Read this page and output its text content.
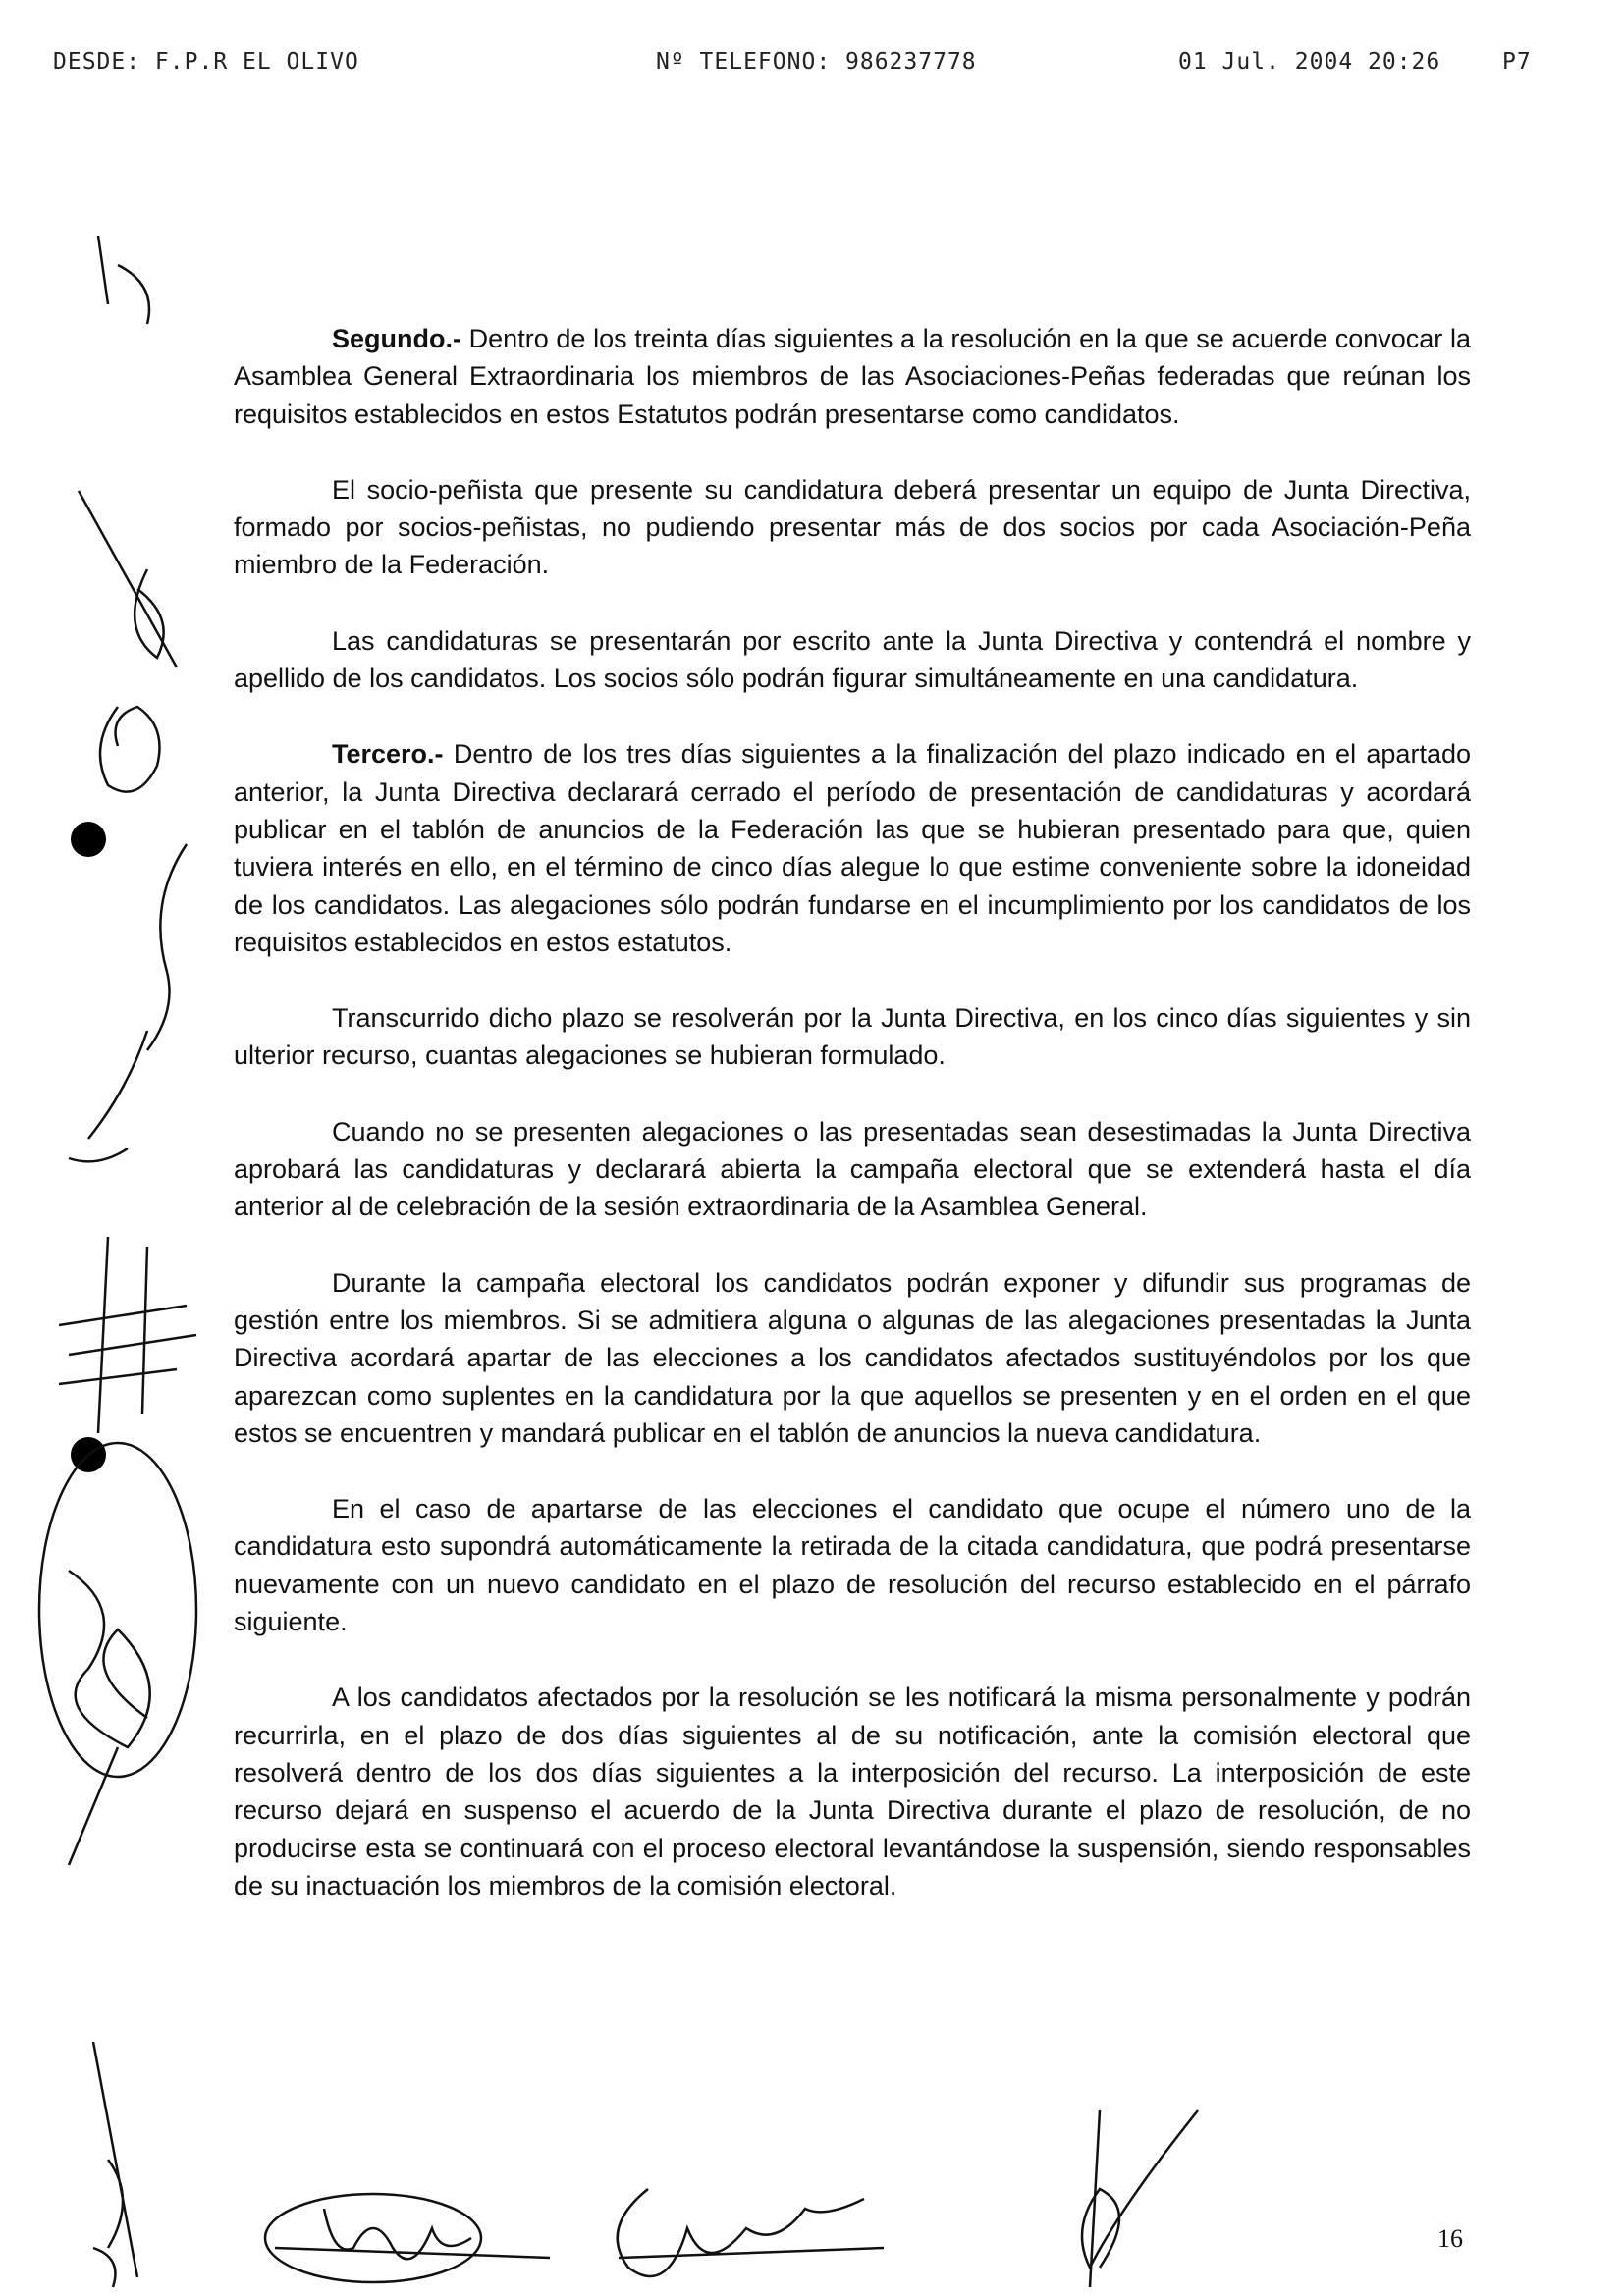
DESDE: F.P.R EL OLIVO	Nº TELEFONO: 986237778	01 Jul. 2004 20:26	P7

Segundo.- Dentro de los treinta días siguientes a la resolución en la que se acuerde convocar la Asamblea General Extraordinaria los miembros de las Asociaciones-Peñas federadas que reúnan los requisitos establecidos en estos Estatutos podrán presentarse como candidatos.

El socio-peñista que presente su candidatura deberá presentar un equipo de Junta Directiva, formado por socios-peñistas, no pudiendo presentar más de dos socios por cada Asociación-Peña miembro de la Federación.

Las candidaturas se presentarán por escrito ante la Junta Directiva y contendrá el nombre y apellido de los candidatos. Los socios sólo podrán figurar simultáneamente en una candidatura.

Tercero.- Dentro de los tres días siguientes a la finalización del plazo indicado en el apartado anterior, la Junta Directiva declarará cerrado el período de presentación de candidaturas y acordará publicar en el tablón de anuncios de la Federación las que se hubieran presentado para que, quien tuviera interés en ello, en el término de cinco días alegue lo que estime conveniente sobre la idoneidad de los candidatos. Las alegaciones sólo podrán fundarse en el incumplimiento por los candidatos de los requisitos establecidos en estos estatutos.

Transcurrido dicho plazo se resolverán por la Junta Directiva, en los cinco días siguientes y sin ulterior recurso, cuantas alegaciones se hubieran formulado.

Cuando no se presenten alegaciones o las presentadas sean desestimadas la Junta Directiva aprobará las candidaturas y declarará abierta la campaña electoral que se extenderá hasta el día anterior al de celebración de la sesión extraordinaria de la Asamblea General.

Durante la campaña electoral los candidatos podrán exponer y difundir sus programas de gestión entre los miembros. Si se admitiera alguna o algunas de las alegaciones presentadas la Junta Directiva acordará apartar de las elecciones a los candidatos afectados sustituyéndolos por los que aparezcan como suplentes en la candidatura por la que aquellos se presenten y en el orden en el que estos se encuentren y mandará publicar en el tablón de anuncios la nueva candidatura.

En el caso de apartarse de las elecciones el candidato que ocupe el número uno de la candidatura esto supondrá automáticamente la retirada de la citada candidatura, que podrá presentarse nuevamente con un nuevo candidato en el plazo de resolución del recurso establecido en el párrafo siguiente.

A los candidatos afectados por la resolución se les notificará la misma personalmente y podrán recurrirla, en el plazo de dos días siguientes al de su notificación, ante la comisión electoral que resolverá dentro de los dos días siguientes a la interposición del recurso. La interposición de este recurso dejará en suspenso el acuerdo de la Junta Directiva durante el plazo de resolución, de no producirse esta se continuará con el proceso electoral levantándose la suspensión, siendo responsables de su inactuación los miembros de la comisión electoral.

16
